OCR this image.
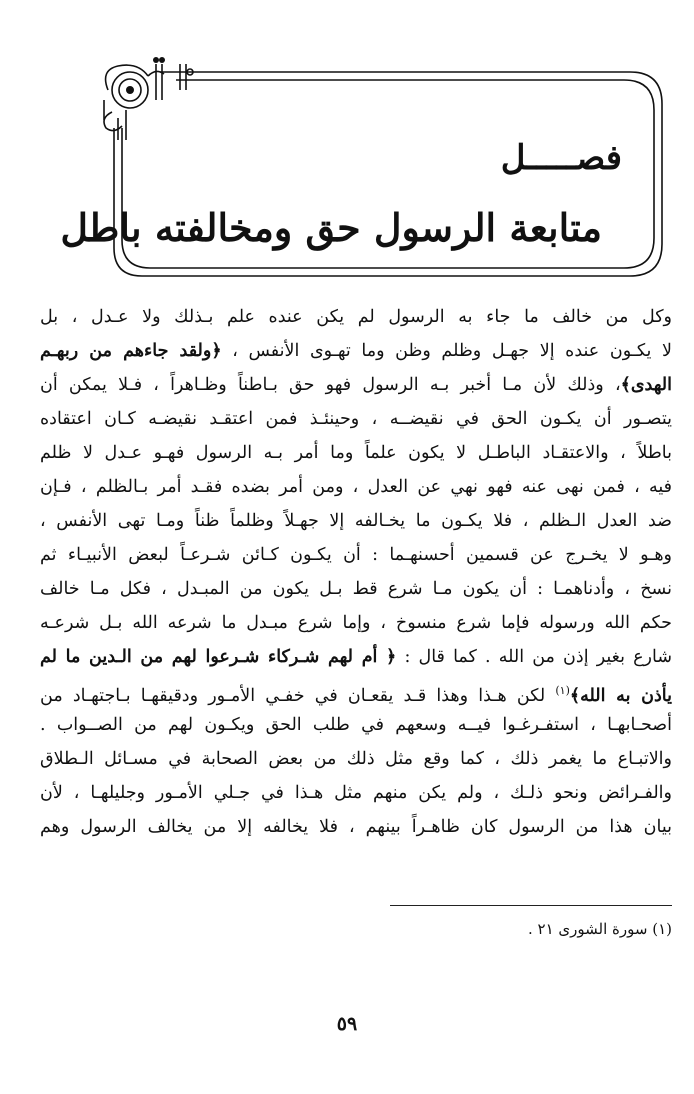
فصـــــل
متابعة الرسول حق ومخالفته باطل
وكل من خالف ما جاء به الرسول لم يكن عنده علم بـذلك ولا عـدل ، بل
لا يكـون عنده إلا جهـل وظلم وظن وما تهـوى الأنفس ، ﴿ولقد جاءهم من ربهـم
الهدى﴾، وذلك لأن مـا أخبر بـه الرسول فهو حق بـاطناً وظـاهراً ، فـلا يمكن أن
يتصـور أن يكـون الحق في نقيضــه ، وحينئـذ فمن اعتقـد نقيضـه كـان اعتقاده
باطلاً ، والاعتقـاد الباطـل لا يكون علماً وما أمر بـه الرسول فهـو عـدل لا ظلم
فيه ، فمن نهى عنه فهو نهي عن العدل ، ومن أمر بضده فقـد أمر بـالظلم ، فـإن
ضد العدل الـظلم ، فلا يكـون ما يخـالفه إلا جهـلاً وظلماً ظناً ومـا تهى الأنفس ،
وهـو لا يخـرج عن قسمين أحسنهـما : أن يكـون كـائن شـرعـاً لبعض الأنبيـاء ثم
نسخ ، وأدناهمـا : أن يكون مـا شرع قط بـل يكون من المبـدل ، فكل مـا خالف
حكم الله ورسوله فإما شرع منسوخ ، وإما شرع مبـدل ما شرعه الله بـل شرعـه
شارع بغير إذن من الله . كما قال : ﴿ أم لهم شـركاء شـرعوا لهم من الـدين ما لم
يأذن به الله﴾$^{(١)}$ لكن هـذا وهذا قـد يقعـان في خفـي الأمـور ودقيقهـا بـاجتهـاد من
أصحـابهـا ، استفـرغـوا فيــه وسعهم في طلب الحق ويكـون لهم من الصــواب .
والاتبـاع ما يغمر ذلك ، كما وقع مثل ذلك من بعض الصحابة في مسـائل الـطلاق
والفـرائض ونحو ذلـك ، ولم يكن منهم مثل هـذا في جـلي الأمـور وجليلهـا ، لأن
بيان هذا من الرسول كان ظاهـراً بينهم ، فلا يخالفه إلا من يخالف الرسول وهم
(١) سورة الشورى ٢١ .
٥٩
